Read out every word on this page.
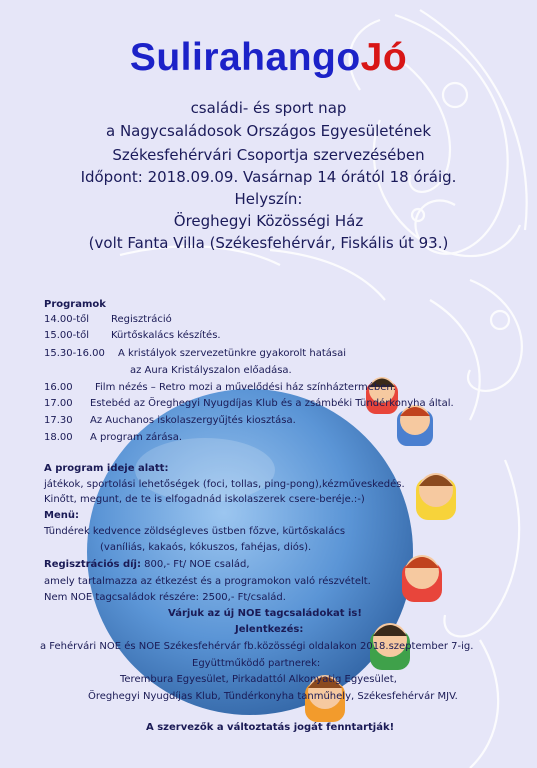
SulirahangoJó
családi- és sport nap
a Nagycsaládosok Országos Egyesületének
Székesfehérvári Csoportja szervezésében
Időpont: 2018.09.09. Vasárnap 14 órától 18 óráig.
Helyszín:
Öreghegyi Közösségi Ház
(volt Fanta Villa (Székesfehérvár, Fiskális út 93.)
Programok
14.00-től Regisztráció
15.00-től Kürtőskalács készítés.
15.30-16.00 A kristályok szervezetünkre gyakorolt hatásai
az Aura Kristályszalon előadása.
16.00 Film nézés – Retro mozi a művelődési ház színháztermében.
17.00 Estebéd az Öreghegyi Nyugdíjas Klub és a zsámbéki Tündérkonyha által.
17.30 Az Auchanos iskolaszergyűjtés kiosztása.
18.00 A program zárása.
A program ideje alatt:
játékok, sportolási lehetőségek (foci, tollas, ping-pong),kézműveskedés.
Kinőtt, megunt, de te is elfogadnád iskolaszerek csere-beréje.:-)
Menü:
Tündérek kedvence zöldségleves üstben főzve, kürtőskalács
(vaníliás, kakaós, kókuszos, fahéjas, diós).
Regisztrációs díj: 800,- Ft/ NOE család,
amely tartalmazza az étkezést és a programokon való részvételt.
Nem NOE tagcsaládok részére: 2500,- Ft/család.
Várjuk az új NOE tagcsaládokat is!
Jelentkezés:
a Fehérvári NOE és NOE Székesfehérvár fb.közösségi oldalakon 2018.szeptember 7-ig.
Együttműködő partnerek:
Terembura Egyesület, Pirkadattól Alkonyatig Egyesület,
Öreghegyi Nyugdíjas Klub, Tündérkonyha tanműhely, Székesfehérvár MJV.
A szervezők a változtatás jogát fenntartják!
